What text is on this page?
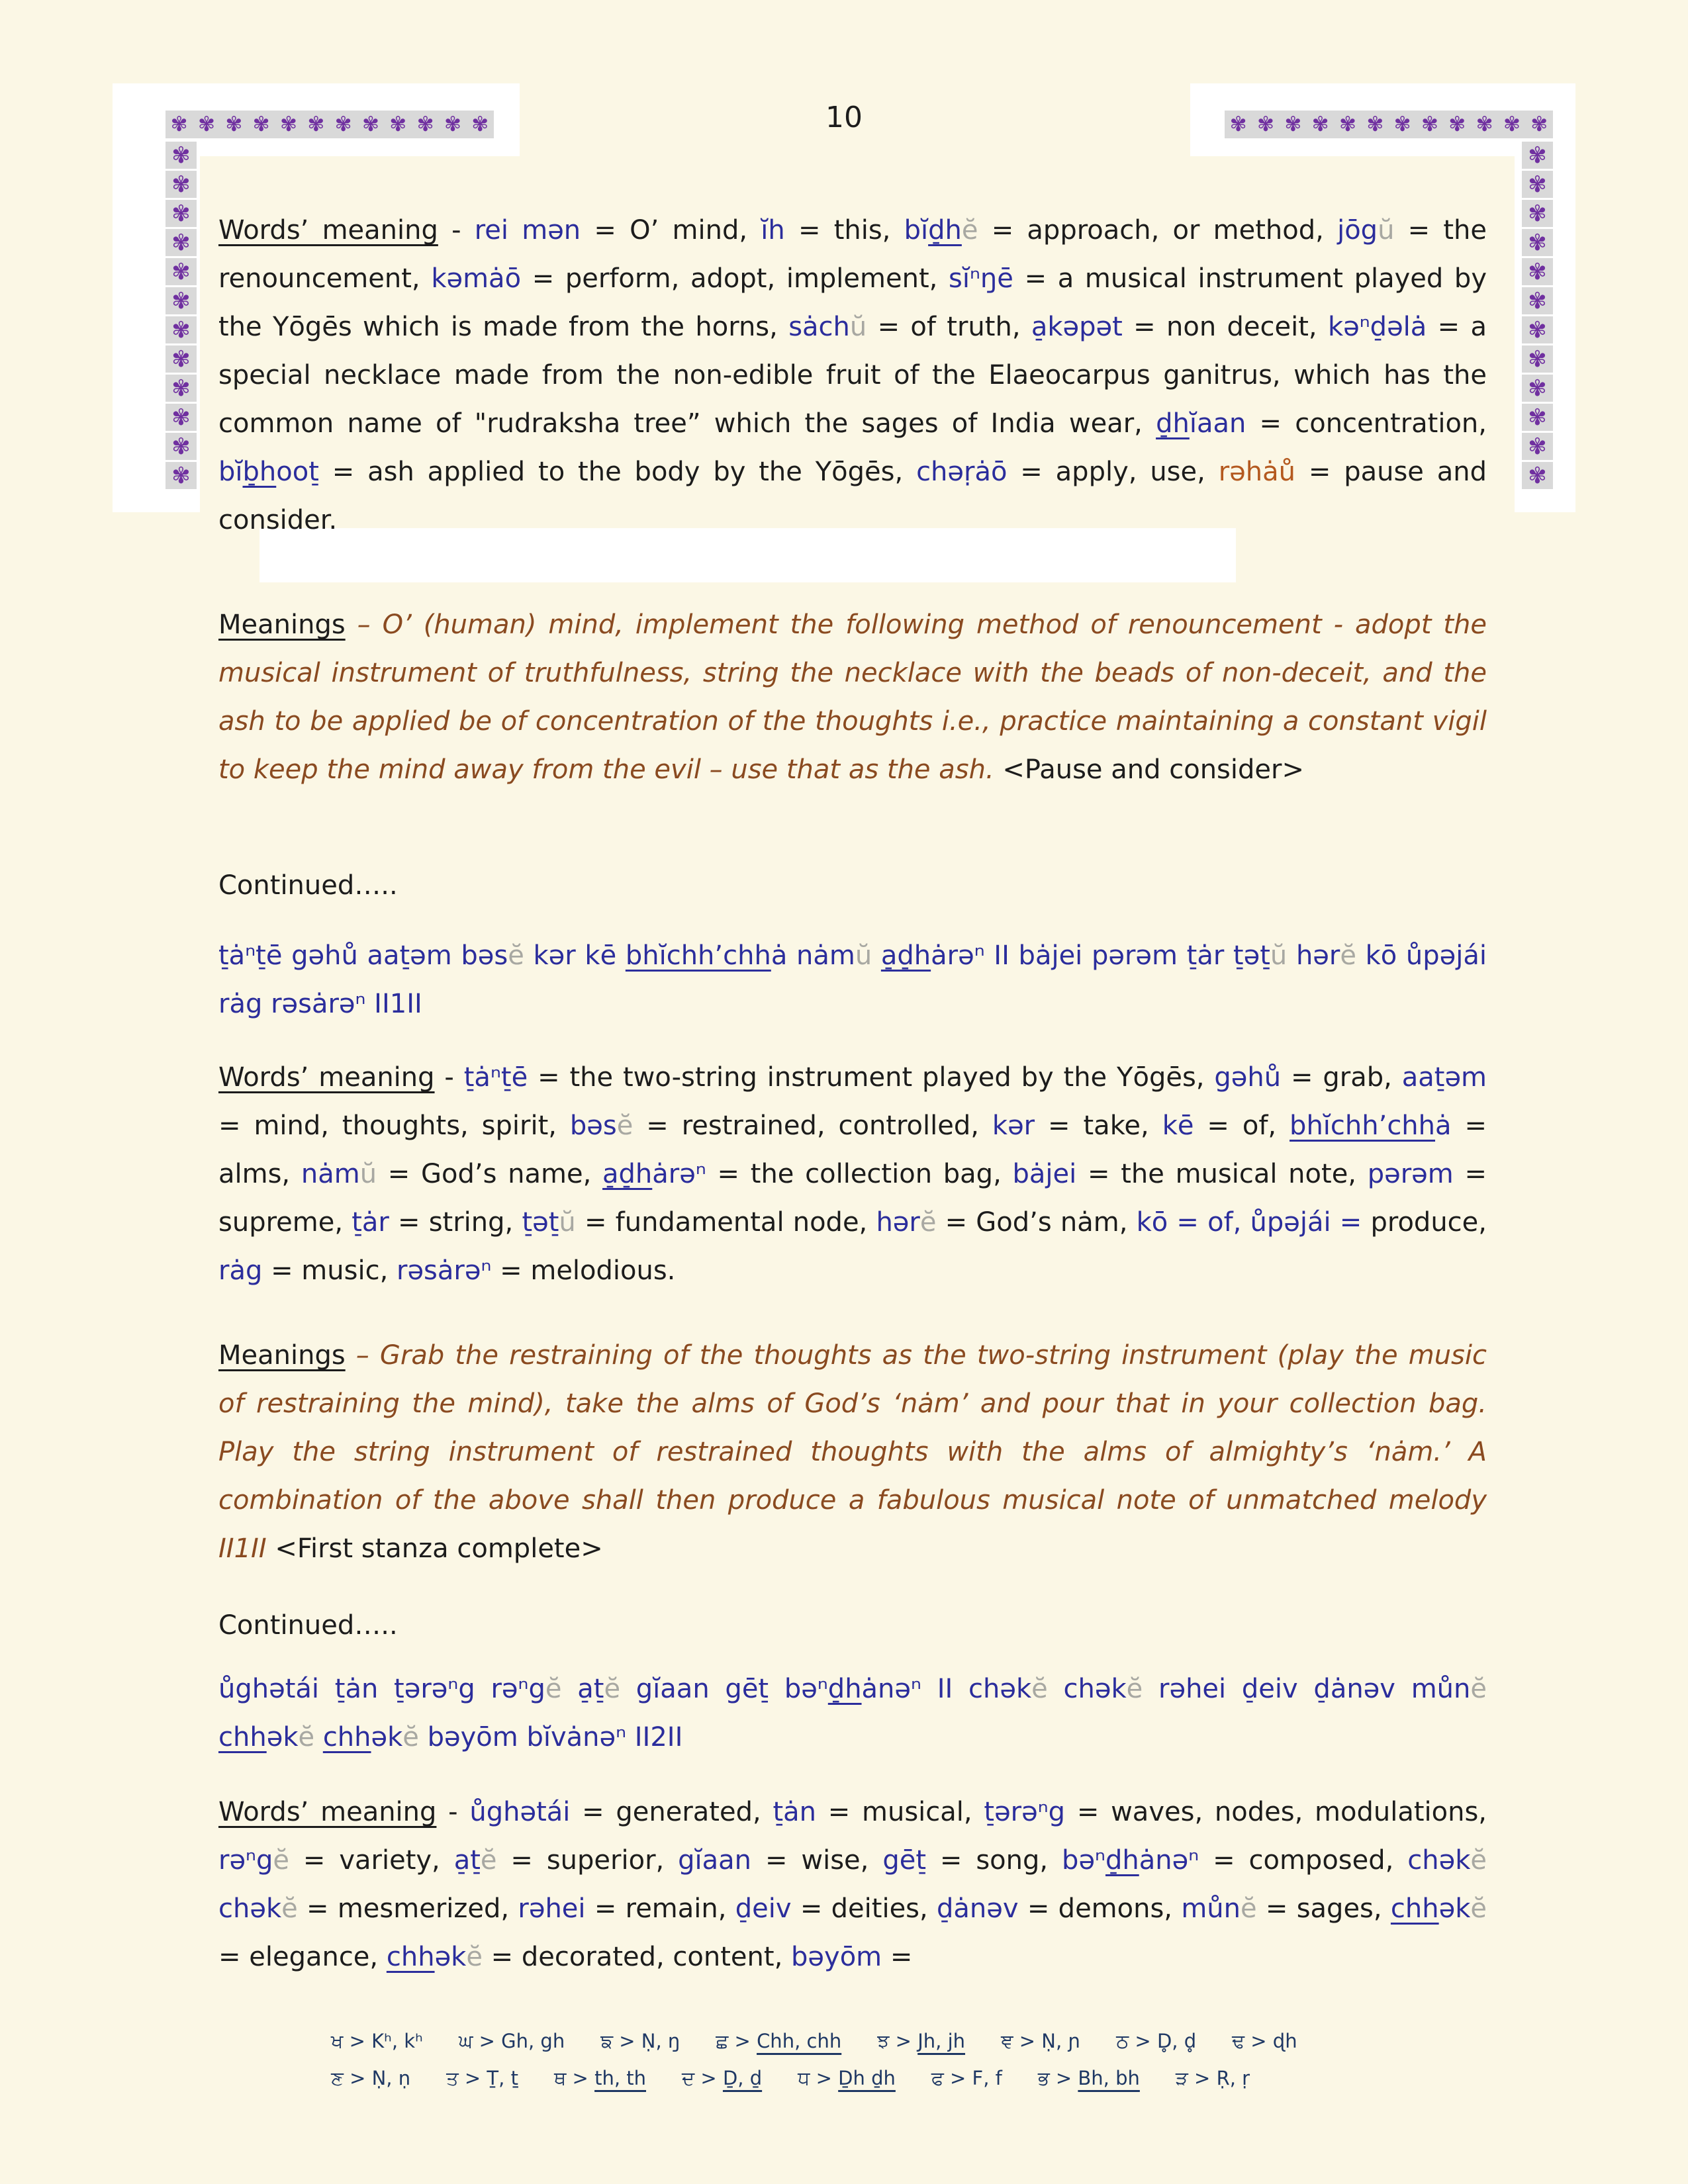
✾ ✾ ✾ ✾ ✾ ✾ ✾ ✾ ✾ ✾ ✾ ✾	✾ ✾ ✾ ✾ ✾ ✾ ✾ ✾ ✾ ✾ ✾ ✾
✾
✾
✾
✾
✾
✾
✾
✾
✾
✾
✾
✾
✾
✾
✾
✾
✾
✾
✾
✾
✾
✾
✾
✾
10

Words’ meaning - rei mən = O’ mind, ĭh = this, bĭd̠hĕ = approach, or method, jōgŭ = the renouncement, kəmȧō = perform, adopt, implement, sĭⁿŋē = a musical instrument played by the Yōgēs which is made from the horns, sȧchŭ = of truth, a̠kəpət = non deceit, kəⁿd̠əlȧ = a special necklace made from the non-edible fruit of the Elaeocarpus ganitrus, which has the common name of "rudraksha tree” which the sages of India wear, d̠hĭaan = concentration, bĭb̠hoot̠ = ash applied to the body by the Yōgēs, chəṛȧō = apply, use, rəhȧů = pause and consider.

Meanings – O’ (human) mind, implement the following method of renouncement - adopt the musical instrument of truthfulness, string the necklace with the beads of non-deceit, and the ash to be applied be of concentration of the thoughts i.e., practice maintaining a constant vigil to keep the mind away from the evil – use that as the ash. <Pause and consider>

Continued…..

t̠ȧⁿt̠ē gəhů aat̠əm bəsĕ kər kē bhĭchh’chhȧ nȧmŭ a̠d̠hȧrəⁿ II bȧjei pərəm t̠ȧr t̠ət̠ŭ hərĕ kō ůpəjái rȧg rəsȧrəⁿ II1II

Words’ meaning - t̠ȧⁿt̠ē = the two-string instrument played by the Yōgēs, gəhů = grab, aat̠əm = mind, thoughts, spirit, bəsĕ = restrained, controlled, kər = take, kē = of, bhĭchh’chhȧ = alms, nȧmŭ = God’s name, a̠d̠hȧrəⁿ = the collection bag, bȧjei = the musical note, pərəm = supreme, t̠ȧr = string, t̠ət̠ŭ = fundamental node, hərĕ = God’s nȧm, kō = of, ůpəjái = produce, rȧg = music, rəsȧrəⁿ = melodious.

Meanings – Grab the restraining of the thoughts as the two-string instrument (play the music of restraining the mind), take the alms of God’s ‘nȧm’ and pour that in your collection bag. Play the string instrument of restrained thoughts with the alms of almighty’s ‘nȧm.’ A combination of the above shall then produce a fabulous musical note of unmatched melody II1II <First stanza complete>

Continued…..

ůghətái t̠ȧn t̠ərəⁿg rəⁿgĕ a̠t̠ĕ gĭaan gēt̠ bəⁿd̠hȧnəⁿ II chəkĕ chəkĕ rəhei d̠eiv d̠ȧnəv můnĕ chhəkĕ chhəkĕ bəyōm bĭvȧnəⁿ II2II

Words’ meaning - ůghətái = generated, t̠ȧn = musical, t̠ərəⁿg = waves, nodes, modulations, rəⁿgĕ = variety, a̠t̠ĕ = superior, gĭaan = wise, gēt̠ = song, bəⁿd̠hȧnəⁿ = composed, chəkĕ chəkĕ = mesmerized, rəhei = remain, d̠eiv = deities, d̠ȧnəv = demons, můnĕ = sages, chhəkĕ = elegance, chhəkĕ = decorated, content, bəyōm =

ਖ > Kʰ, kʰ ਘ > Gh, gh ਙ > Ṇ, ŋ ਛ > Chh, chh ਝ > Jh, jh ਞ > Ṇ, ɲ ਠ > D̥, d̥ ਢ > ɖh
ਣ > Ṇ, ṇ ਤ > Ṯ, ṯ ਥ > th, th ਦ > Ḏ, ḏ ਧ > Ḏh ḏh ਫ > F, f ਭ > Bh, bh ੜ > Ṛ, ṛ
